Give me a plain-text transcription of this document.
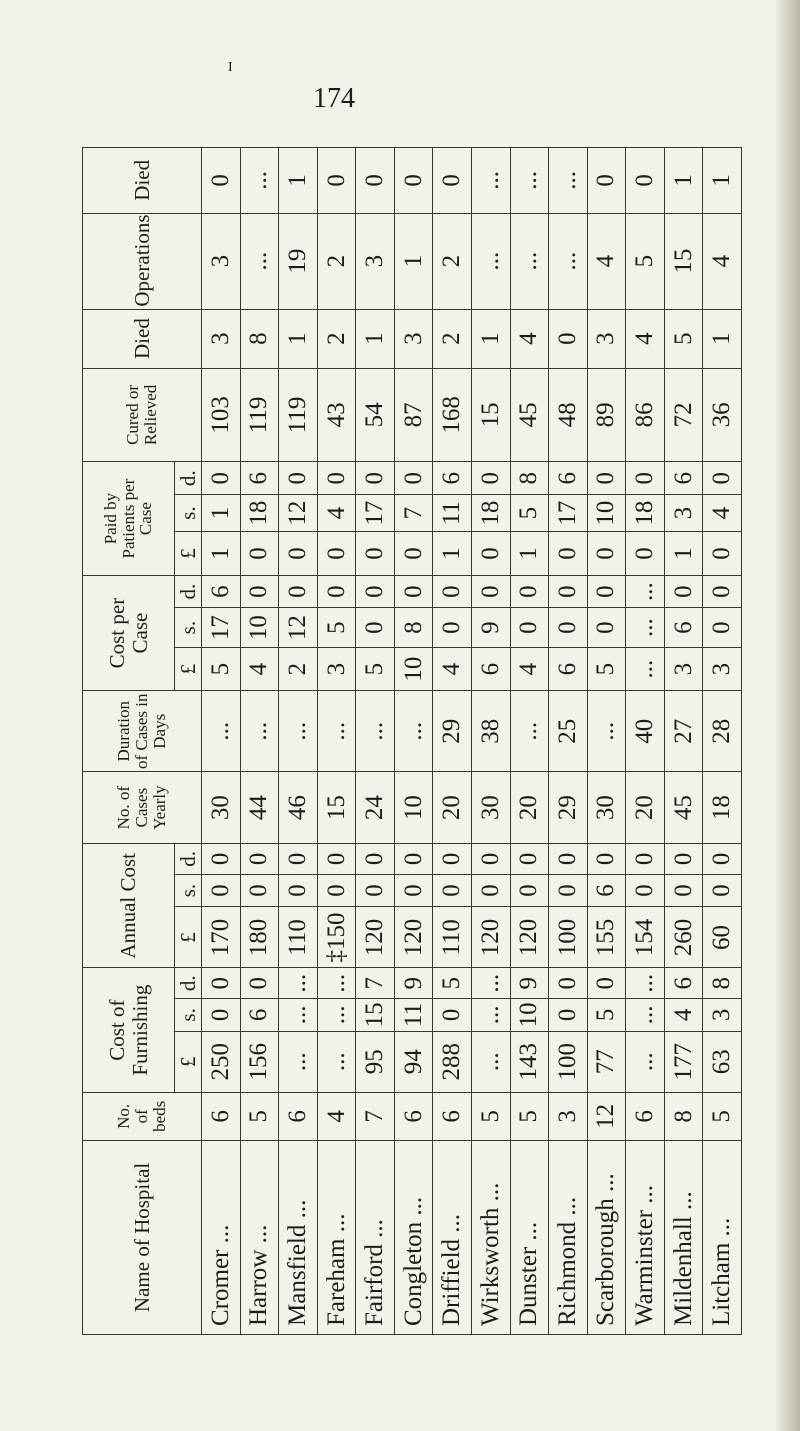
I
174
Name of Hospital	No. of beds	Cost of Furnishing			Annual Cost			No. of Cases Yearly	Duration of Cases in Days	Cost per Case			Paid by Patients per Case			Cured or Relieved	Died	Operations	Died
		£	s.	d.	£	s.	d.			£	s.	d.	£	s.	d.				
Cromer ...	6	250	0	0	170	0	0	30	...	5	17	6	1	1	0	103	3	3	0
Harrow ...	5	156	6	0	180	0	0	44	...	4	10	0	0	18	6	119	8	...	...
Mansfield ...	6	...	...	...	110	0	0	46	...	2	12	0	0	12	0	119	1	19	1
Fareham ...	4	...	...	...	‡150	0	0	15	...	3	5	0	0	4	0	43	2	2	0
Fairford ...	7	95	15	7	120	0	0	24	...	5	0	0	0	17	0	54	1	3	0
Congleton ...	6	94	11	9	120	0	0	10	...	10	8	0	0	7	0	87	3	1	0
Driffield ...	6	288	0	5	110	0	0	20	29	4	0	0	1	11	6	168	2	2	0
Wirksworth ...	5	...	...	...	120	0	0	30	38	6	9	0	0	18	0	15	1	...	...
Dunster ...	5	143	10	9	120	0	0	20	...	4	0	0	1	5	8	45	4	...	...
Richmond ...	3	100	0	0	100	0	0	29	25	6	0	0	0	17	6	48	0	...	...
Scarborough ...	12	77	5	0	155	6	0	30	...	5	0	0	0	10	0	89	3	4	0
Warminster ...	6	...	...	...	154	0	0	20	40	...	...	...	0	18	0	86	4	5	0
Mildenhall ...	8	177	4	6	260	0	0	45	27	3	6	0	1	3	6	72	5	15	1
Litcham ...	5	63	3	8	60	0	0	18	28	3	0	0	0	4	0	36	1	4	1
